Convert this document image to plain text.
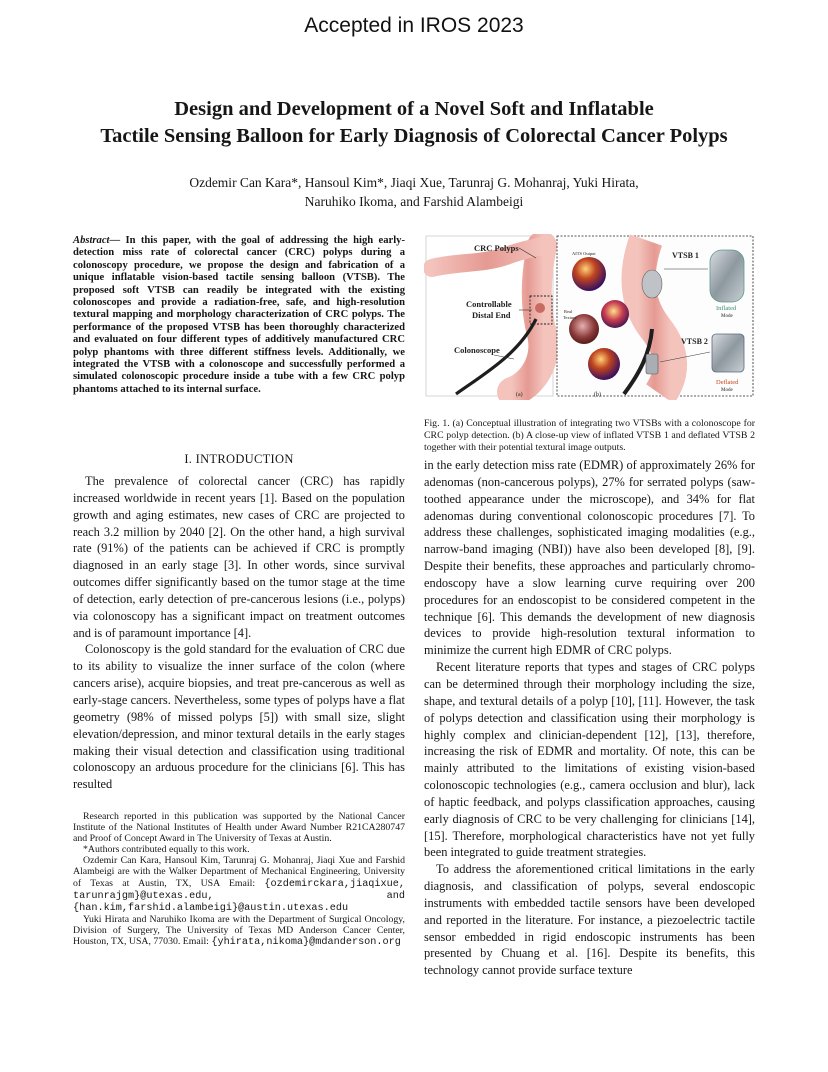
Accepted in IROS 2023
Design and Development of a Novel Soft and Inflatable
Tactile Sensing Balloon for Early Diagnosis of Colorectal Cancer Polyps
Ozdemir Can Kara*, Hansoul Kim*, Jiaqi Xue, Tarunraj G. Mohanraj, Yuki Hirata,
Naruhiko Ikoma, and Farshid Alambeigi
Abstract— In this paper, with the goal of addressing the high early-detection miss rate of colorectal cancer (CRC) polyps during a colonoscopy procedure, we propose the design and fabrication of a unique inflatable vision-based tactile sensing balloon (VTSB). The proposed soft VTSB can readily be integrated with the existing colonoscopes and provide a radiation-free, safe, and high-resolution textural mapping and morphology characterization of CRC polyps. The performance of the proposed VTSB has been thoroughly characterized and evaluated on four different types of additively manufactured CRC polyp phantoms with three different stiffness levels. Additionally, we integrated the VTSB with a colonoscope and successfully performed a simulated colonoscopic procedure inside a tube with a few CRC polyp phantoms attached to its internal surface.
I. INTRODUCTION

The prevalence of colorectal cancer (CRC) has rapidly increased worldwide in recent years [1]. Based on the population growth and aging estimates, new cases of CRC are projected to reach 3.2 million by 2040 [2]. On the other hand, a high survival rate (91%) of the patients can be achieved if CRC is promptly diagnosed in an early stage [3]. In other words, since survival outcomes differ significantly based on the tumor stage at the time of detection, early detection of pre-cancerous lesions (i.e., polyps) via colonoscopy has a significant impact on treatment outcomes and is of paramount importance [4].

Colonoscopy is the gold standard for the evaluation of CRC due to its ability to visualize the inner surface of the colon (where cancers arise), acquire biopsies, and treat pre-cancerous as well as early-stage cancers. Nevertheless, some types of polyps have a flat geometry (98% of missed polyps [5]) with small size, slight elevation/depression, and minor textural details in the early stages making their visual detection and classification using traditional colonoscopy an arduous procedure for the clinicians [6]. This has resulted

Research reported in this publication was supported by the National Cancer Institute of the National Institutes of Health under Award Number R21CA280747 and Proof of Concept Award in The University of Texas at Austin.

*Authors contributed equally to this work.

Ozdemir Can Kara, Hansoul Kim, Tarunraj G. Mohanraj, Jiaqi Xue and Farshid Alambeigi are with the Walker Department of Mechanical Engineering, University of Texas at Austin, TX, USA Email: {ozdemirckara,jiaqixue, tarunrajgm}@utexas.edu,	and {han.kim,farshid.alambeigi}@austin.utexas.edu

Yuki Hirata and Naruhiko Ikoma are with the Department of Surgical Oncology, Division of Surgery, The University of Texas MD Anderson Cancer Center, Houston, TX, USA, 77030. Email: {yhirata,nikoma}@mdanderson.org

CRC Polyps
Controllable
Distal End
Colonoscope
(a)
VTSB 1
VTSB 2
AITS Output
Real
Texture
Inflated
Mode
Deflated
Mode
(b)
Fig. 1. (a) Conceptual illustration of integrating two VTSBs with a colonoscope for CRC polyp detection. (b) A close-up view of inflated VTSB 1 and deflated VTSB 2 together with their potential textural image outputs.

in the early detection miss rate (EDMR) of approximately 26% for adenomas (non-cancerous polyps), 27% for serrated polyps (saw-toothed appearance under the microscope), and 34% for flat adenomas during conventional colonoscopic procedures [7]. To address these challenges, sophisticated imaging modalities (e.g., narrow-band imaging (NBI)) have also been developed [8], [9]. Despite their benefits, these approaches and particularly chromo-endoscopy have a slow learning curve requiring over 200 procedures for an endoscopist to be considered competent in the technique [6]. This demands the development of new diagnosis devices to provide high-resolution textural information to minimize the current high EDMR of CRC polyps.

Recent literature reports that types and stages of CRC polyps can be determined through their morphology including the size, shape, and textural details of a polyp [10], [11]. However, the task of polyps detection and classification using their morphology is highly complex and clinician-dependent [12], [13], therefore, increasing the risk of EDMR and mortality. Of note, this can be mainly attributed to the limitations of existing vision-based colonoscopic technologies (e.g., camera occlusion and blur), lack of haptic feedback, and polyps classification approaches, causing early diagnosis of CRC to be very challenging for clinicians [14], [15]. Therefore, morphological characteristics have not yet fully been integrated to guide treatment strategies.

To address the aforementioned critical limitations in the early diagnosis, and classification of polyps, several endoscopic instruments with embedded tactile sensors have been developed and reported in the literature. For instance, a piezoelectric tactile sensor embedded in rigid endoscopic instruments has been presented by Chuang et al. [16]. Despite its benefits, this technology cannot provide surface texture
